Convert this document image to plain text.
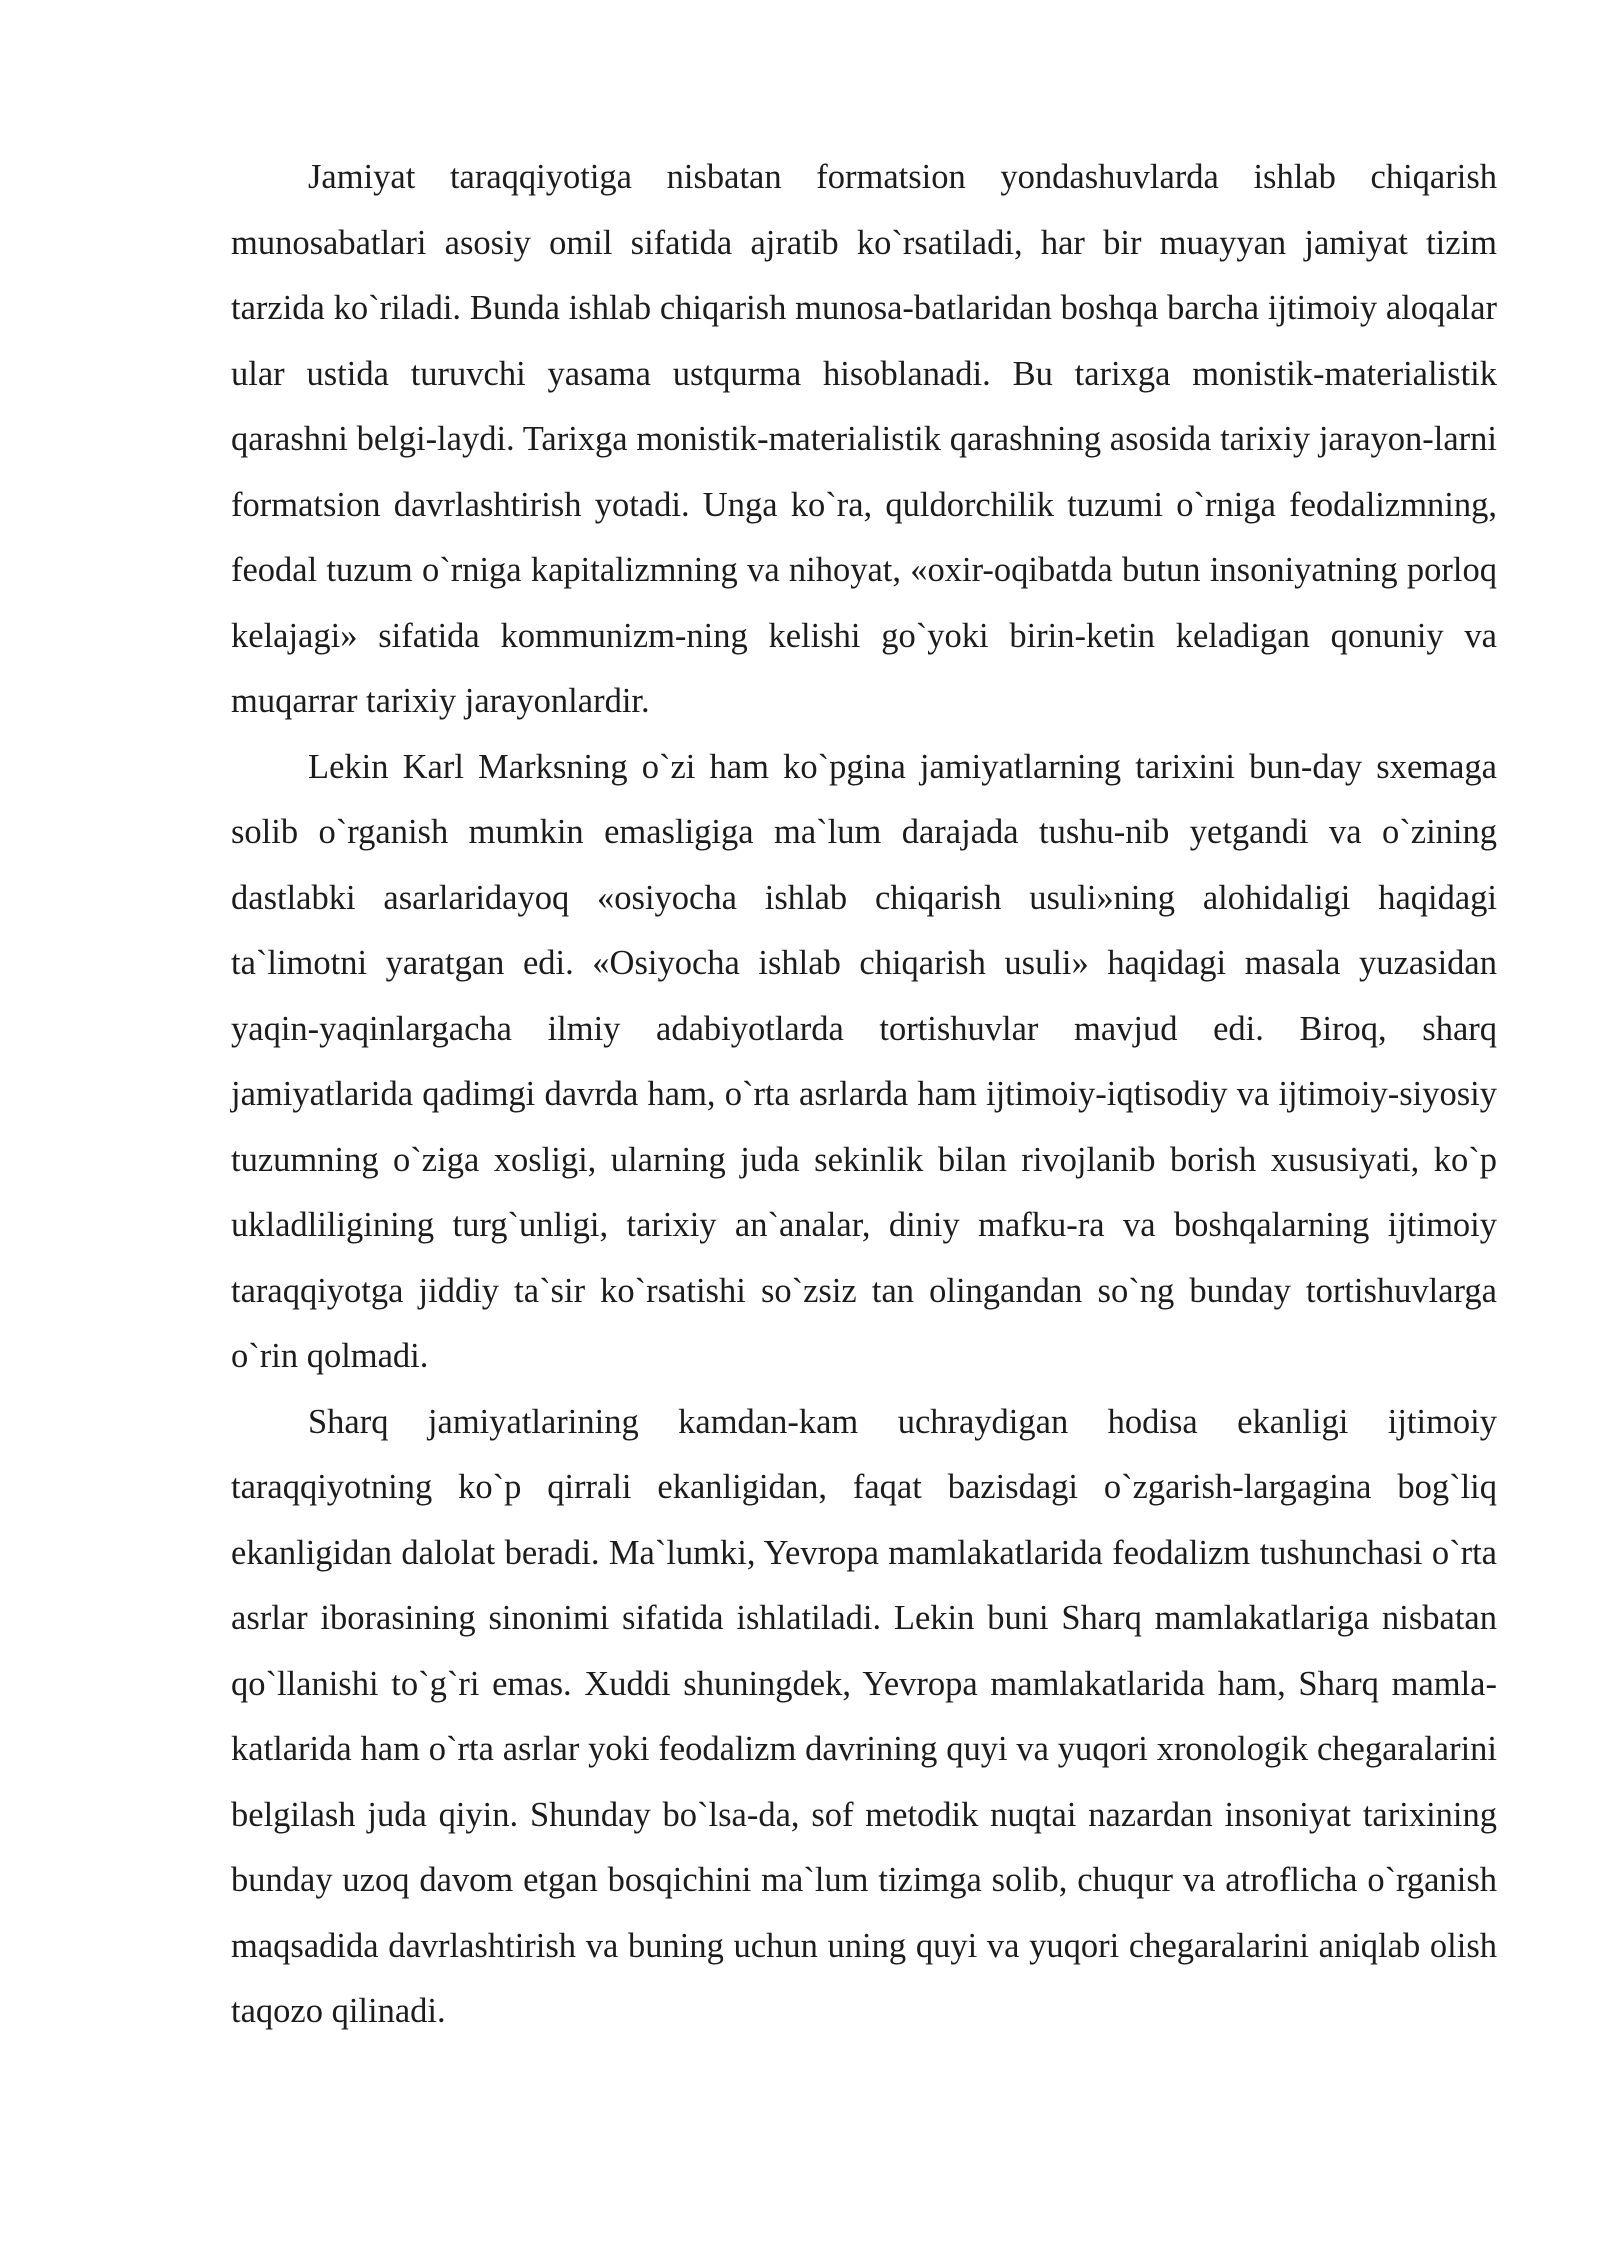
Jamiyat taraqqiyotiga nisbatan formatsion yondashuvlarda ishlab chiqarish munosabatlari asosiy omil sifatida ajratib ko`rsatiladi, har bir muayyan jamiyat tizim tarzida ko`riladi. Bunda ishlab chiqarish munosa-batlaridan boshqa barcha ijtimoiy aloqalar ular ustida turuvchi yasama ustqurma hisoblanadi. Bu tarixga monistik-materialistik qarashni belgi-laydi. Tarixga monistik-materialistik qarashning asosida tarixiy jarayon-larni formatsion davrlashtirish yotadi. Unga ko`ra, quldorchilik tuzumi o`rniga feodalizmning, feodal tuzum o`rniga kapitalizmning va nihoyat, «oxir-oqibatda butun insoniyatning porloq kelajagi» sifatida kommunizm-ning kelishi go`yoki birin-ketin keladigan qonuniy va muqarrar tarixiy jarayonlardir.

Lekin Karl Marksning o`zi ham ko`pgina jamiyatlarning tarixini bun-day sxemaga solib o`rganish mumkin emasligiga ma`lum darajada tushu-nib yetgandi va o`zining dastlabki asarlaridayoq «osiyocha ishlab chiqarish usuli»ning alohidaligi haqidagi ta`limotni yaratgan edi. «Osiyocha ishlab chiqarish usuli» haqidagi masala yuzasidan yaqin-yaqinlargacha ilmiy adabiyotlarda tortishuvlar mavjud edi. Biroq, sharq jamiyatlarida qadimgi davrda ham, o`rta asrlarda ham ijtimoiy-iqtisodiy va ijtimoiy-siyosiy tuzumning o`ziga xosligi, ularning juda sekinlik bilan rivojlanib borish xususiyati, ko`p ukladliligining turg`unligi, tarixiy an`analar, diniy mafku-ra va boshqalarning ijtimoiy taraqqiyotga jiddiy ta`sir ko`rsatishi so`zsiz tan olingandan so`ng bunday tortishuvlarga o`rin qolmadi.

Sharq jamiyatlarining kamdan-kam uchraydigan hodisa ekanligi ijtimoiy taraqqiyotning ko`p qirrali ekanligidan, faqat bazisdagi o`zgarish-largagina bog`liq ekanligidan dalolat beradi. Ma`lumki, Yevropa mamlakatlarida feodalizm tushunchasi o`rta asrlar iborasining sinonimi sifatida ishlatiladi. Lekin buni Sharq mamlakatlariga nisbatan qo`llanishi to`g`ri emas. Xuddi shuningdek, Yevropa mamlakatlarida ham, Sharq mamla-katlarida ham o`rta asrlar yoki feodalizm davrining quyi va yuqori xronologik chegaralarini belgilash juda qiyin. Shunday bo`lsa-da, sof metodik nuqtai nazardan insoniyat tarixining bunday uzoq davom etgan bosqichini ma`lum tizimga solib, chuqur va atroflicha o`rganish maqsadida davrlashtirish va buning uchun uning quyi va yuqori chegaralarini aniqlab olish taqozo qilinadi.
